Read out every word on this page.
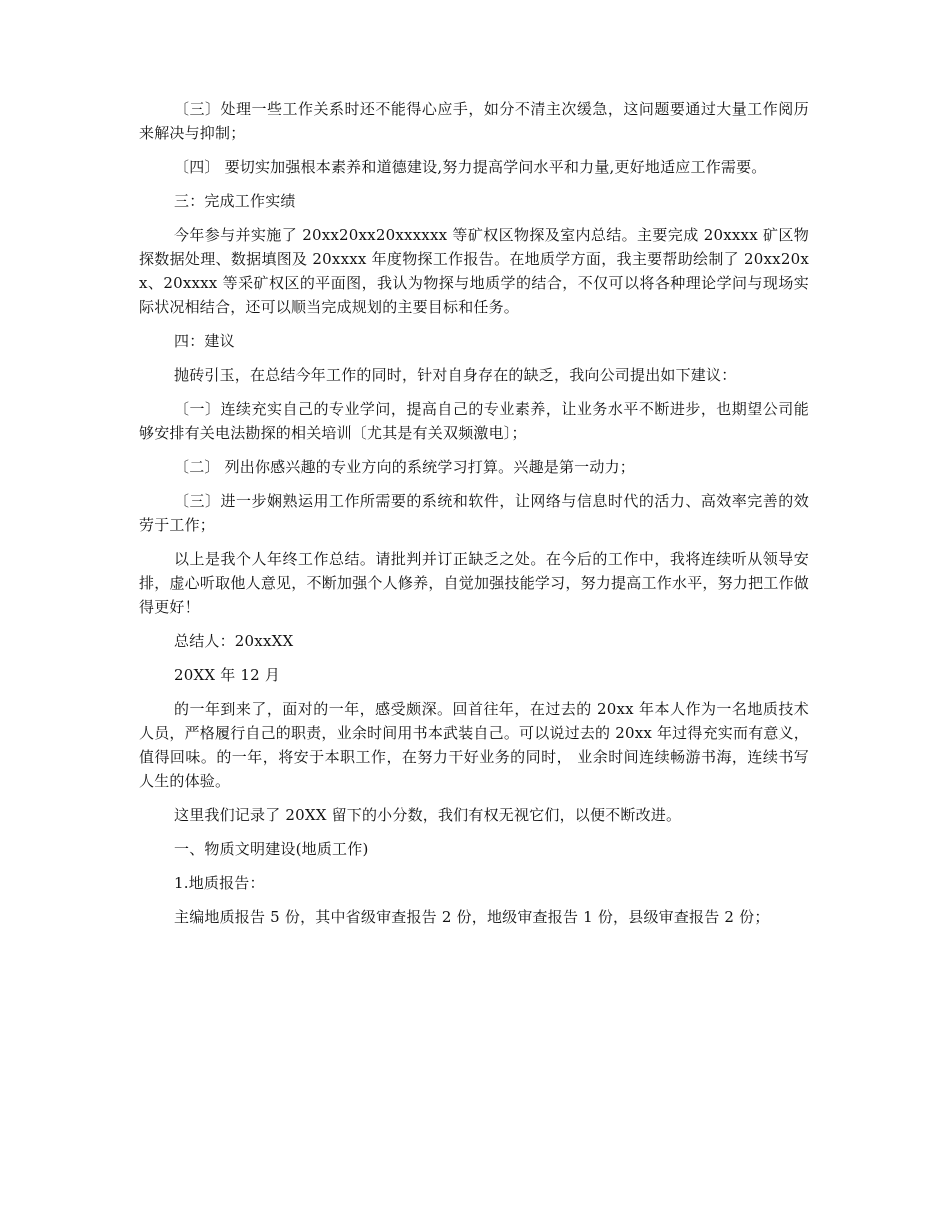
〔三〕处理一些工作关系时还不能得心应手，如分不清主次缓急，这问题要通过大量工作阅历来解决与抑制；

〔四〕 要切实加强根本素养和道德建设,努力提高学问水平和力量,更好地适应工作需要。

三：完成工作实绩

今年参与并实施了 20xx20xx20xxxxxx 等矿权区物探及室内总结。主要完成 20xxxx 矿区物探数据处理、数据填图及 20xxxx 年度物探工作报告。在地质学方面，我主要帮助绘制了 20xx20xx、20xxxx 等采矿权区的平面图，我认为物探与地质学的结合，不仅可以将各种理论学问与现场实际状况相结合，还可以顺当完成规划的主要目标和任务。

四：建议

抛砖引玉，在总结今年工作的同时，针对自身存在的缺乏，我向公司提出如下建议：

〔一〕连续充实自己的专业学问，提高自己的专业素养，让业务水平不断进步，也期望公司能够安排有关电法勘探的相关培训〔尤其是有关双频激电〕；

〔二〕 列出你感兴趣的专业方向的系统学习打算。兴趣是第一动力；

〔三〕进一步娴熟运用工作所需要的系统和软件，让网络与信息时代的活力、高效率完善的效劳于工作；

以上是我个人年终工作总结。请批判并订正缺乏之处。在今后的工作中，我将连续听从领导安排，虚心听取他人意见，不断加强个人修养，自觉加强技能学习，努力提高工作水平，努力把工作做得更好！

总结人：20xxXX

20XX 年 12 月

的一年到来了，面对的一年，感受颇深。回首往年，在过去的 20xx 年本人作为一名地质技术人员，严格履行自己的职责，业余时间用书本武装自己。可以说过去的 20xx 年过得充实而有意义，值得回味。的一年，将安于本职工作，在努力干好业务的同时， 业余时间连续畅游书海，连续书写人生的体验。

这里我们记录了 20XX 留下的小分数，我们有权无视它们，以便不断改进。

一、物质文明建设(地质工作)

1.地质报告：

主编地质报告 5 份，其中省级审查报告 2 份，地级审查报告 1 份，县级审查报告 2 份；
